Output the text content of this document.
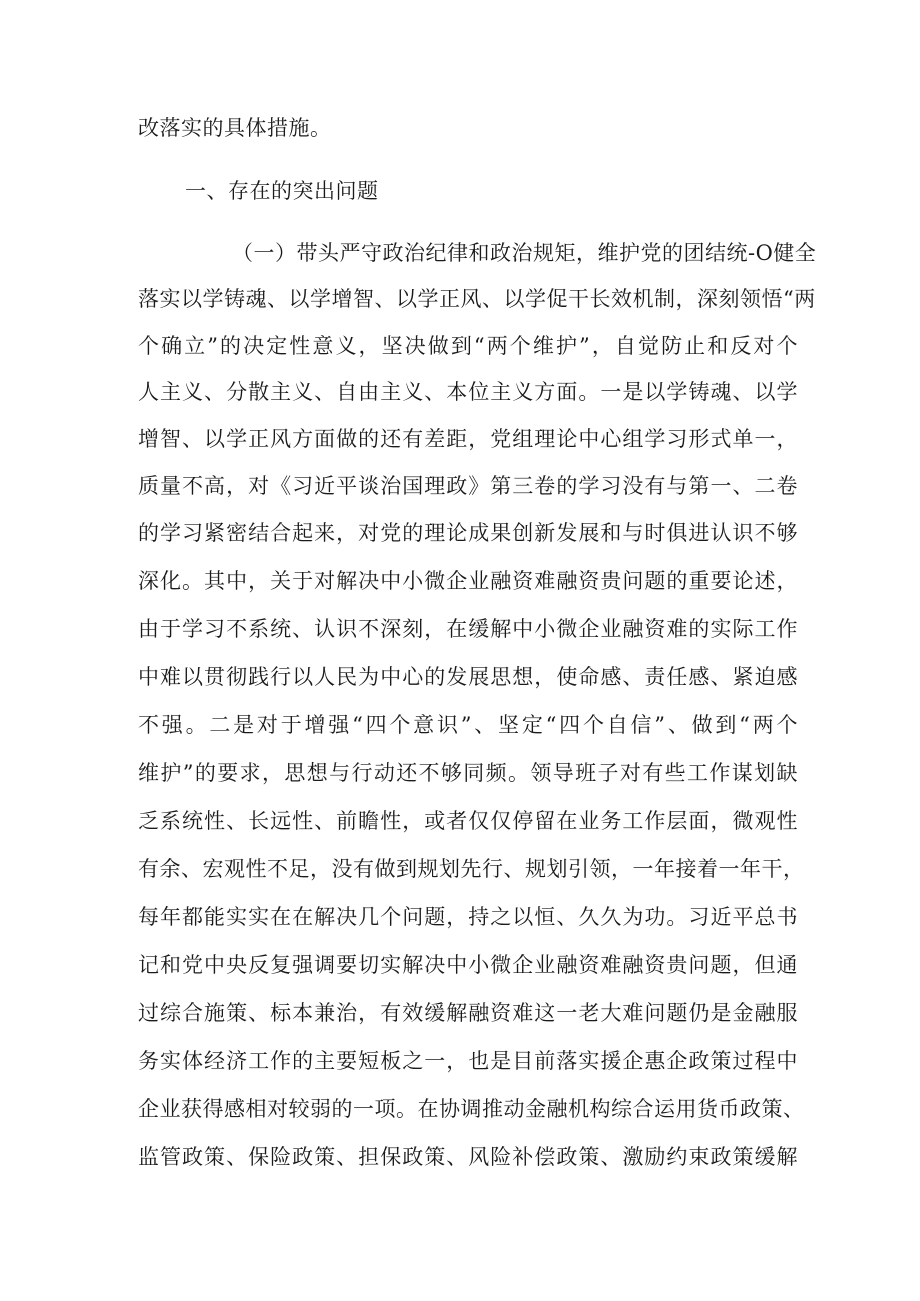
改落实的具体措施。
一、存在的突出问题
（一）带头严守政治纪律和政治规矩，维护党的团结统-O健全
落实以学铸魂、以学增智、以学正风、以学促干长效机制，深刻领悟“两
个确立”的决定性意义，坚决做到“两个维护”，自觉防止和反对个
人主义、分散主义、自由主义、本位主义方面。一是以学铸魂、以学
增智、以学正风方面做的还有差距，党组理论中心组学习形式单一，
质量不高，对《习近平谈治国理政》第三卷的学习没有与第一、二卷
的学习紧密结合起来，对党的理论成果创新发展和与时俱进认识不够
深化。其中，关于对解决中小微企业融资难融资贵问题的重要论述，
由于学习不系统、认识不深刻，在缓解中小微企业融资难的实际工作
中难以贯彻践行以人民为中心的发展思想，使命感、责任感、紧迫感
不强。二是对于增强“四个意识”、坚定“四个自信”、做到“两个
维护”的要求，思想与行动还不够同频。领导班子对有些工作谋划缺
乏系统性、长远性、前瞻性，或者仅仅停留在业务工作层面，微观性
有余、宏观性不足，没有做到规划先行、规划引领，一年接着一年干，
每年都能实实在在解决几个问题，持之以恒、久久为功。习近平总书
记和党中央反复强调要切实解决中小微企业融资难融资贵问题，但通
过综合施策、标本兼治，有效缓解融资难这一老大难问题仍是金融服
务实体经济工作的主要短板之一，也是目前落实援企惠企政策过程中
企业获得感相对较弱的一项。在协调推动金融机构综合运用货币政策、
监管政策、保险政策、担保政策、风险补偿政策、激励约束政策缓解
